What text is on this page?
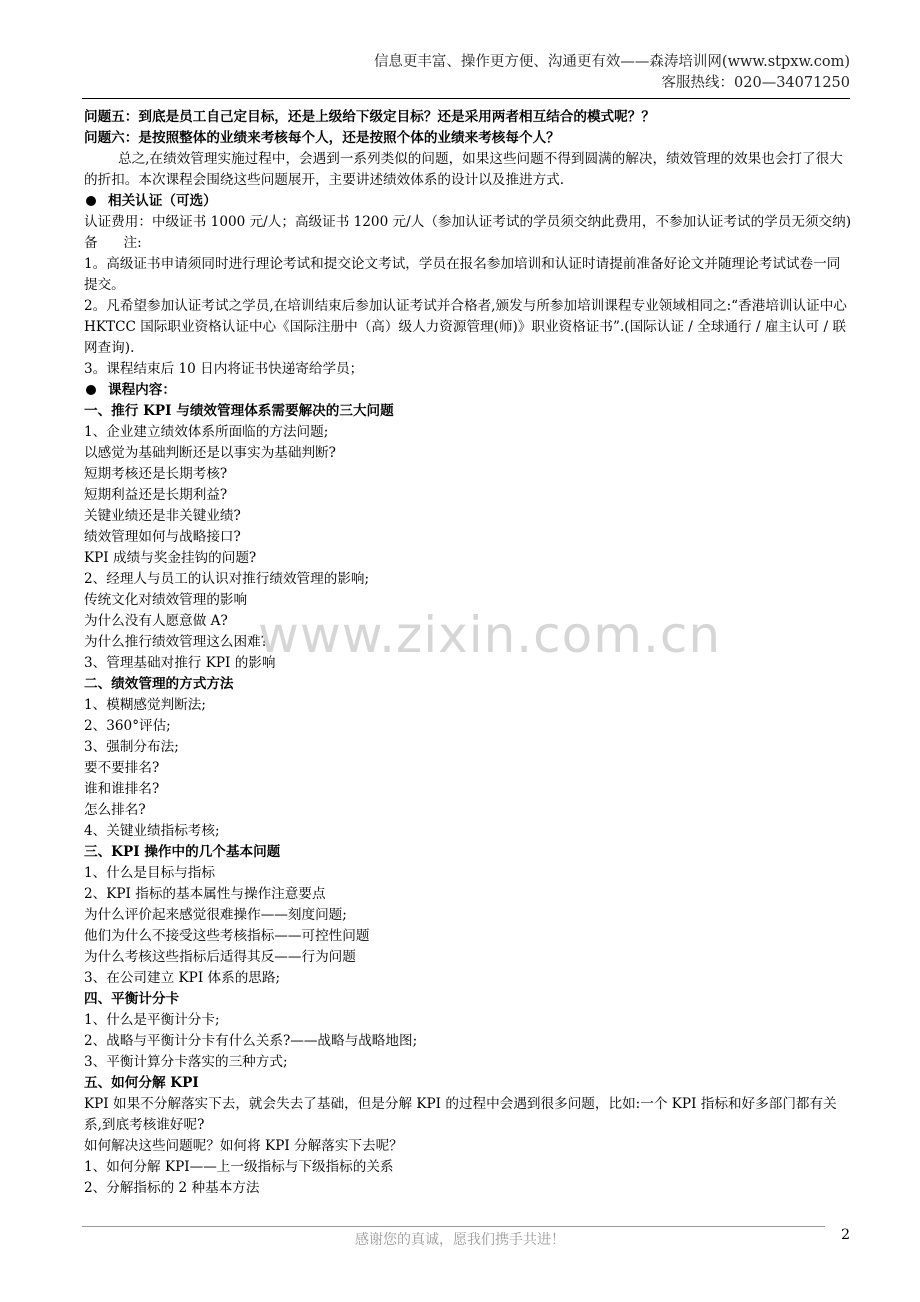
信息更丰富、操作更方便、沟通更有效——森涛培训网(www.stpxw.com)
客服热线：020—34071250
问题五：到底是员工自己定目标，还是上级给下级定目标？还是采用两者相互结合的模式呢？？
问题六：是按照整体的业绩来考核每个人，还是按照个体的业绩来考核每个人？
总之,在绩效管理实施过程中，会遇到一系列类似的问题，如果这些问题不得到圆满的解决，绩效管理的效果也会打了很大的折扣。本次课程会围绕这些问题展开，主要讲述绩效体系的设计以及推进方式.
相关认证（可选）
认证费用：中级证书 1000 元/人；高级证书 1200 元/人（参加认证考试的学员须交纳此费用，不参加认证考试的学员无须交纳)
备      注:
1。高级证书申请须同时进行理论考试和提交论文考试，学员在报名参加培训和认证时请提前准备好论文并随理论考试试卷一同提交。
2。凡希望参加认证考试之学员,在培训结束后参加认证考试并合格者,颁发与所参加培训课程专业领域相同之:“香港培训认证中心 HKTCC 国际职业资格认证中心《国际注册中（高）级人力资源管理(师)》职业资格证书”.(国际认证 / 全球通行 / 雇主认可 / 联网查询).
3。课程结束后 10 日内将证书快递寄给学员；
课程内容：
一、推行 KPI 与绩效管理体系需要解决的三大问题
1、企业建立绩效体系所面临的方法问题;
以感觉为基础判断还是以事实为基础判断?
短期考核还是长期考核?
短期利益还是长期利益?
关键业绩还是非关键业绩?
绩效管理如何与战略接口?
KPI 成绩与奖金挂钩的问题?
2、经理人与员工的认识对推行绩效管理的影响;
传统文化对绩效管理的影响
为什么没有人愿意做 A?
为什么推行绩效管理这么困难?
3、管理基础对推行 KPI 的影响
二、绩效管理的方式方法
1、模糊感觉判断法;
2、360°评估;
3、强制分布法;
要不要排名?
谁和谁排名?
怎么排名?
4、关键业绩指标考核;
三、KPI 操作中的几个基本问题
1、什么是目标与指标
2、KPI 指标的基本属性与操作注意要点
为什么评价起来感觉很难操作——刻度问题;
他们为什么不接受这些考核指标——可控性问题
为什么考核这些指标后适得其反——行为问题
3、在公司建立 KPI 体系的思路;
四、平衡计分卡
1、什么是平衡计分卡;
2、战略与平衡计分卡有什么关系?——战略与战略地图;
3、平衡计算分卡落实的三种方式;
五、如何分解 KPI
KPI 如果不分解落实下去，就会失去了基础，但是分解 KPI 的过程中会遇到很多问题，比如:一个 KPI 指标和好多部门都有关系,到底考核谁好呢?
如何解决这些问题呢？如何将 KPI 分解落实下去呢？
1、如何分解 KPI——上一级指标与下级指标的关系
2、分解指标的 2 种基本方法
www.zixin.com.cn
感谢您的真诚，愿我们携手共进！	2
